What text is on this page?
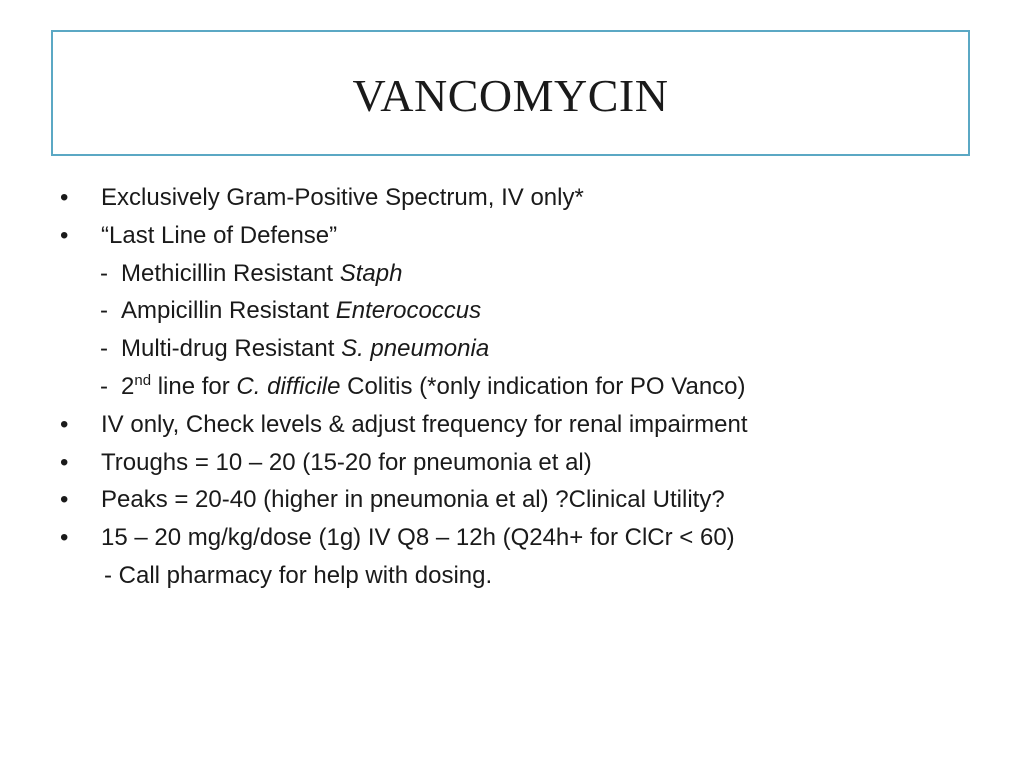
VANCOMYCIN
• Exclusively Gram-Positive Spectrum, IV only*
• “Last Line of Defense”
- Methicillin Resistant Staph
- Ampicillin Resistant Enterococcus
- Multi-drug Resistant S. pneumonia
- 2nd line for C. difficile Colitis (*only indication for PO Vanco)
• IV only, Check levels & adjust frequency for renal impairment
• Troughs = 10 – 20 (15-20 for pneumonia et al)
• Peaks = 20-40 (higher in pneumonia et al) ?Clinical Utility?
• 15 – 20 mg/kg/dose (1g) IV Q8 – 12h (Q24h+ for ClCr < 60)
- Call pharmacy for help with dosing.
